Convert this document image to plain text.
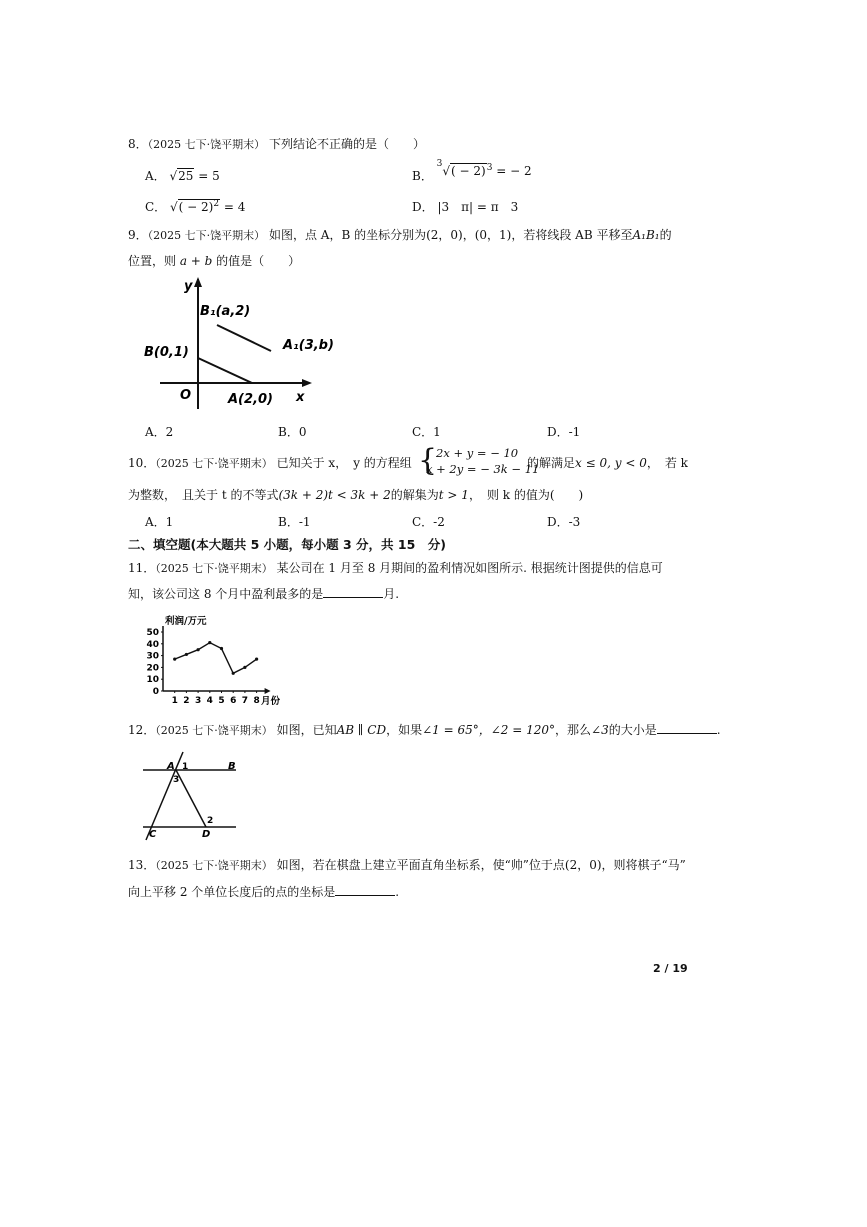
8．（2025 七下·饶平期末） 下列结论不正确的是（　　）
A． √25 = 5	B． $^3√( - 2)^3$ = − 2
C． √( − 2)$^2$ = 4	D． |3　π| = π　3
9．（2025 七下·饶平期末） 如图，点 A，B 的坐标分别为(2，0)，(0，1)，若将线段 AB 平移至A₁B₁的
位置，则 a + b 的值是（　　）
y
x
O
B₁(a,2)
A₁(3,b)
B(0,1)
A(2,0)
A．2	B．0	C．1	D．-1
10．（2025 七下·饶平期末） 已知关于 x，　y 的方程组 {
2x + y = − 10
x + 2y = − 3k − 11
的解满足x ≤ 0, y < 0，　若 k
为整数，　且关于 t 的不等式(3k + 2)t < 3k + 2的解集为t > 1，　则 k 的值为(　　)
A．1	B．-1	C．-2	D．-3
二、填空题(本大题共 5 小题，每小题 3 分，共 15　分)
11．（2025 七下·饶平期末） 某公司在 1 月至 8 月期间的盈利情况如图所示. 根据统计图提供的信息可
知，该公司这 8 个月中盈利最多的是	月.
利润/万元
月份
0
10
20
30
40
50
1 2 3 4 5 6 7 8
12．（2025 七下·饶平期末） 如图，已知AB ∥ CD，如果∠1 = 65°，∠2 = 120°，那么∠3的大小是	.
A 1	B
3
C	D
2
13．（2025 七下·饶平期末） 如图，若在棋盘上建立平面直角坐标系，使“帅”位于点(2，0)，则将棋子“马”
向上平移 2 个单位长度后的点的坐标是	.
2 / 19
